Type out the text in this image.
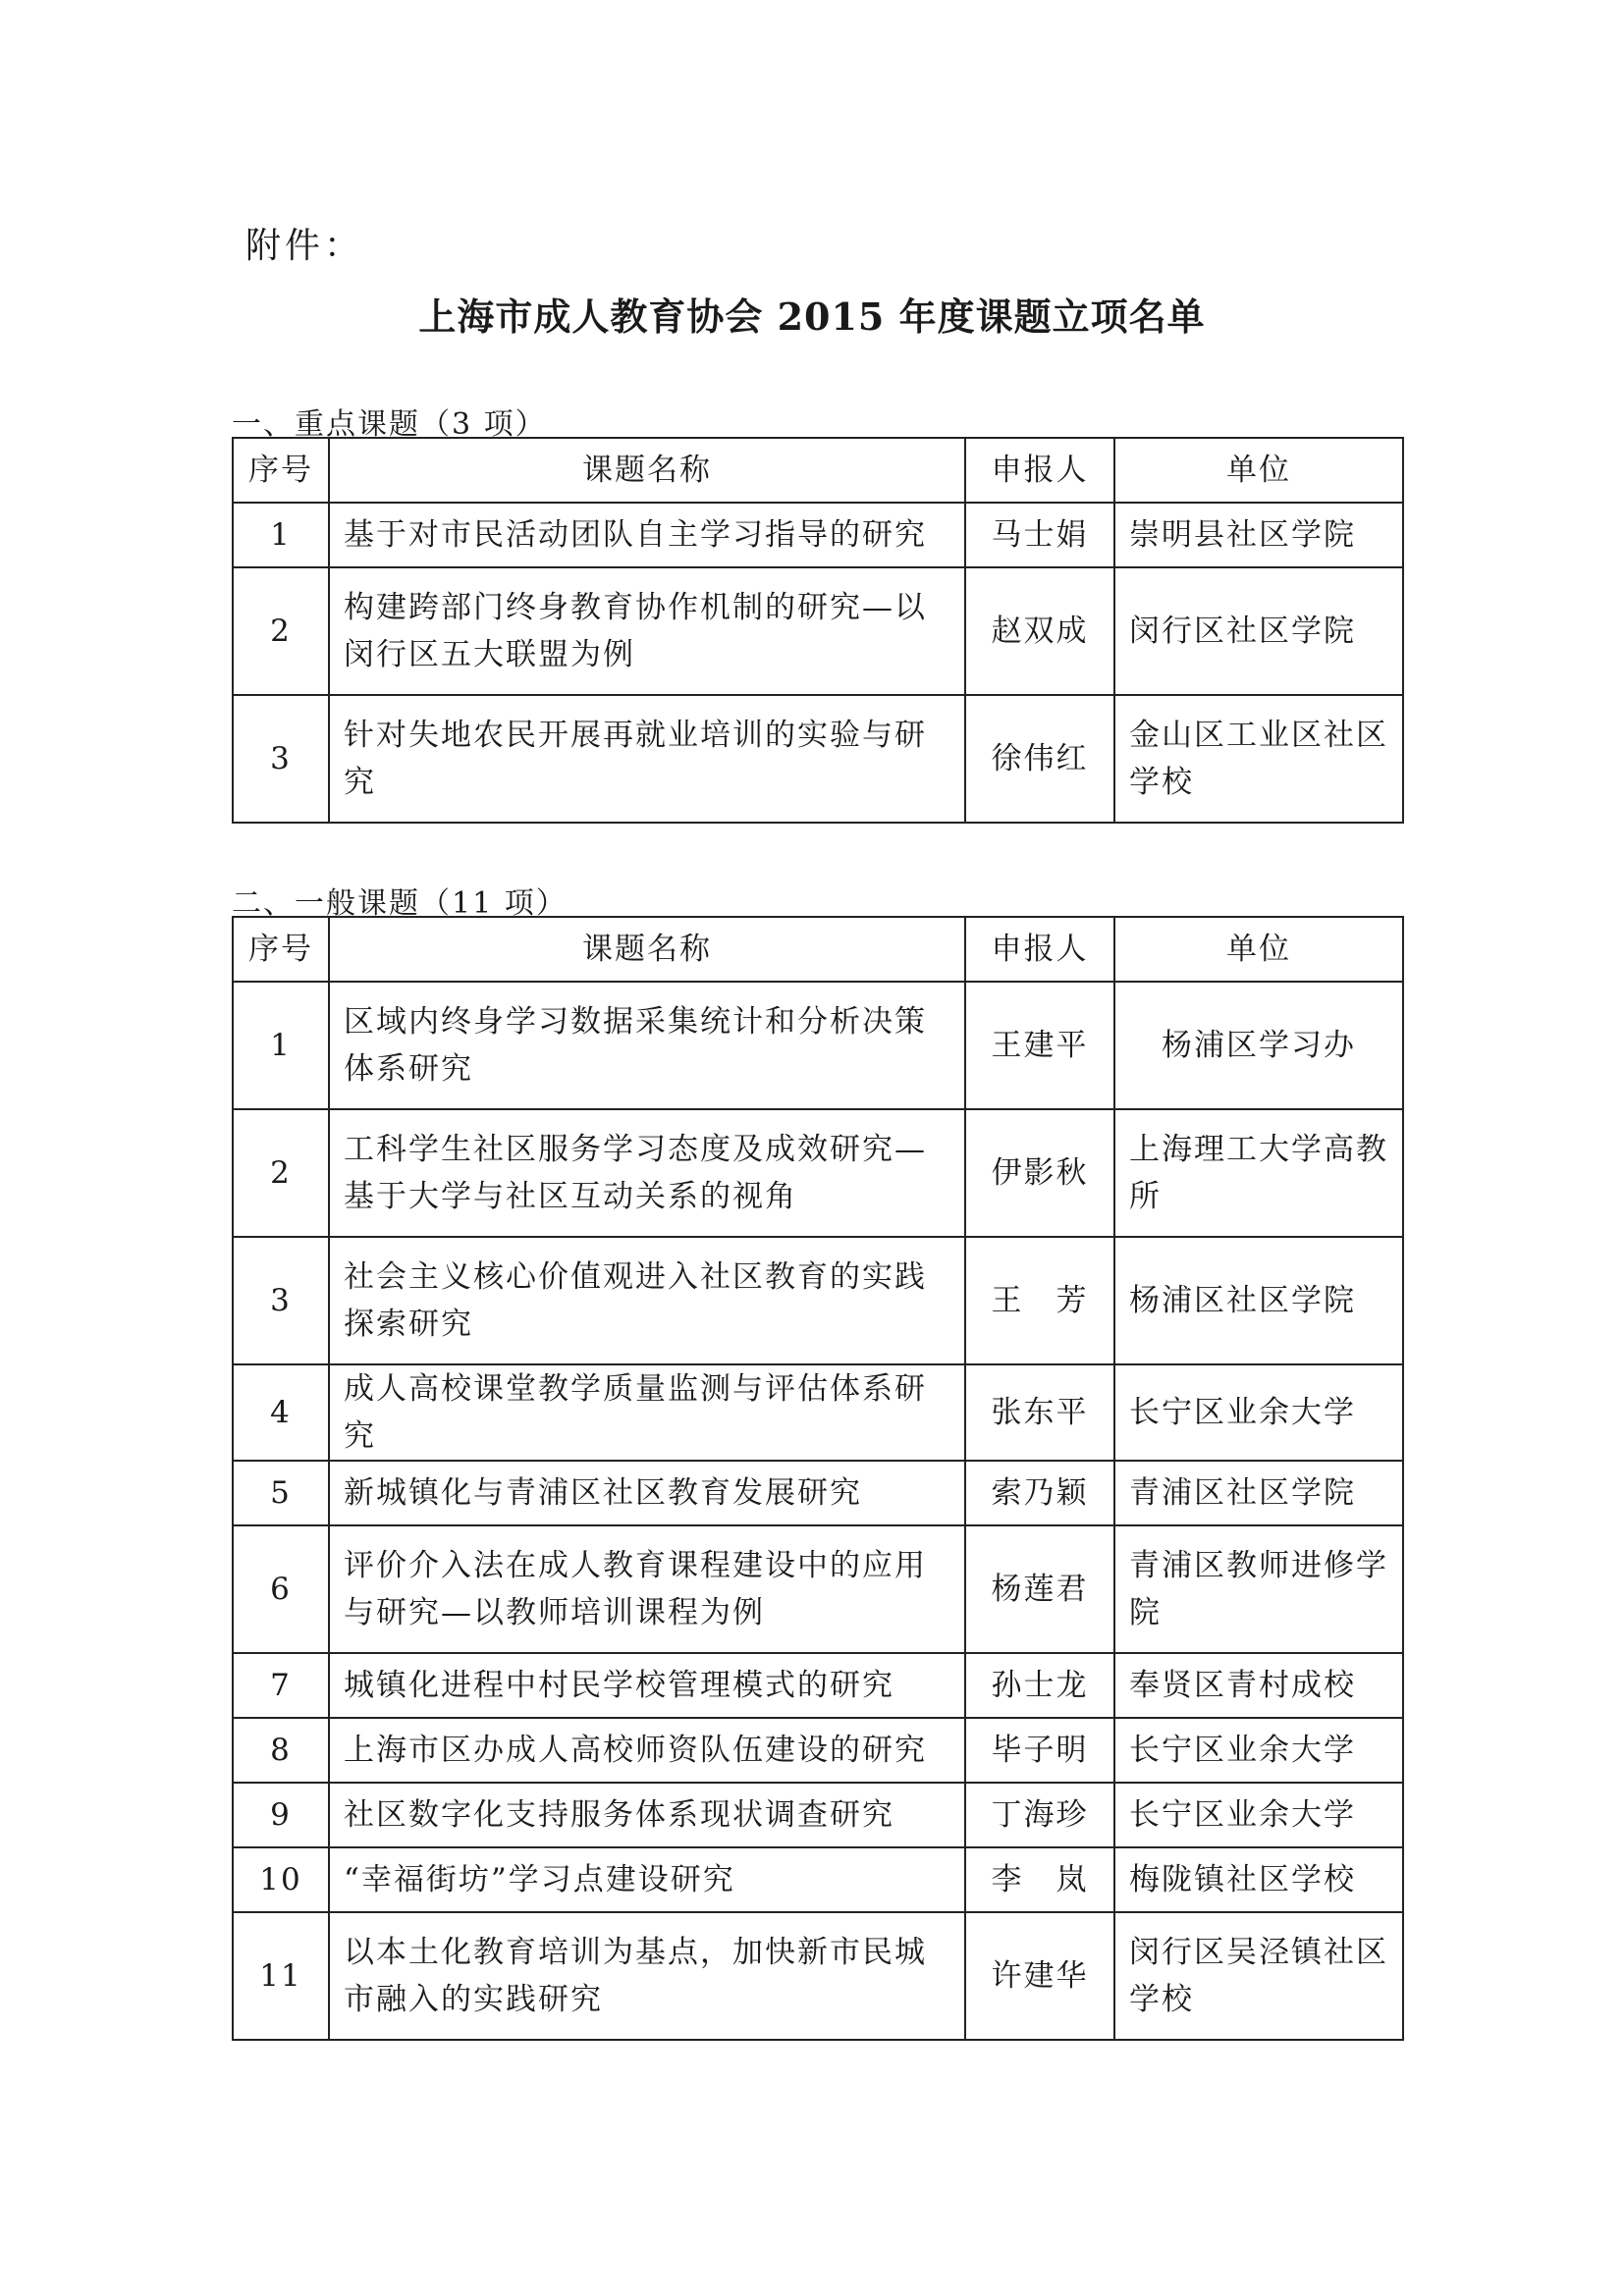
附件：
上海市成人教育协会 2015 年度课题立项名单
一、重点课题（3 项）
序号	课题名称	申报人	单位
1	基于对市民活动团队自主学习指导的研究	马士娟	崇明县社区学院
2	构建跨部门终身教育协作机制的研究—以闵行区五大联盟为例	赵双成	闵行区社区学院
3	针对失地农民开展再就业培训的实验与研究	徐伟红	金山区工业区社区学校
二、一般课题（11 项）
序号	课题名称	申报人	单位
1	区域内终身学习数据采集统计和分析决策体系研究	王建平	杨浦区学习办
2	工科学生社区服务学习态度及成效研究—基于大学与社区互动关系的视角	伊影秋	上海理工大学高教所
3	社会主义核心价值观进入社区教育的实践探索研究	王　芳	杨浦区社区学院
4	成人高校课堂教学质量监测与评估体系研究	张东平	长宁区业余大学
5	新城镇化与青浦区社区教育发展研究	索乃颖	青浦区社区学院
6	评价介入法在成人教育课程建设中的应用与研究—以教师培训课程为例	杨莲君	青浦区教师进修学院
7	城镇化进程中村民学校管理模式的研究	孙士龙	奉贤区青村成校
8	上海市区办成人高校师资队伍建设的研究	毕子明	长宁区业余大学
9	社区数字化支持服务体系现状调查研究	丁海珍	长宁区业余大学
10	“幸福街坊”学习点建设研究	李　岚	梅陇镇社区学校
11	以本土化教育培训为基点，加快新市民城市融入的实践研究	许建华	闵行区吴泾镇社区学校
